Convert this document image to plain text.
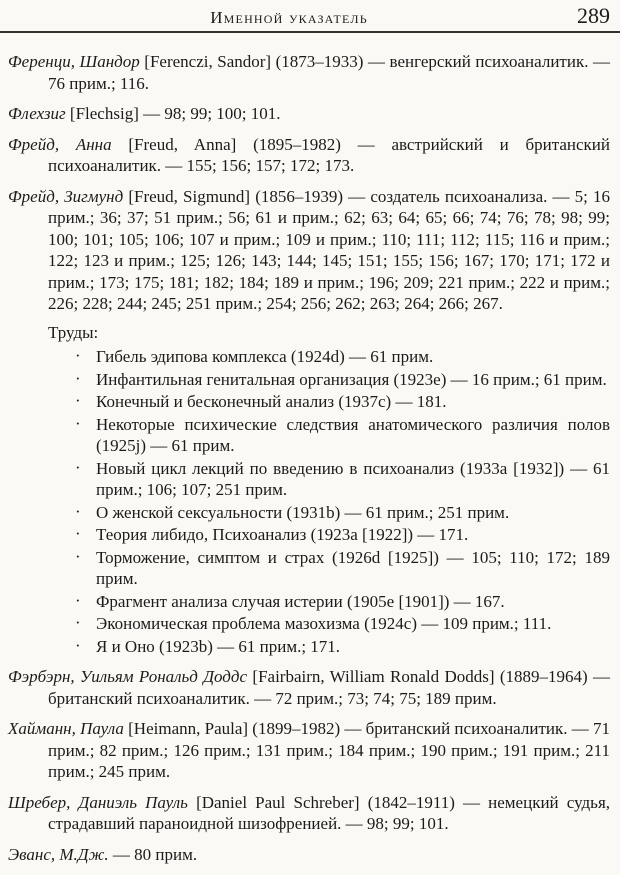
Именной указатель	289

Ференци, Шандор [Ferenczi, Sandor] (1873–1933) — венгерский психоаналитик. — 76 прим.; 116.

Флехзиг [Flechsig] — 98; 99; 100; 101.

Фрейд, Анна [Freud, Anna] (1895–1982) — австрийский и британский психоаналитик. — 155; 156; 157; 172; 173.

Фрейд, Зигмунд [Freud, Sigmund] (1856–1939) — создатель психоанализа. — 5; 16 прим.; 36; 37; 51 прим.; 56; 61 и прим.; 62; 63; 64; 65; 66; 74; 76; 78; 98; 99; 100; 101; 105; 106; 107 и прим.; 109 и прим.; 110; 111; 112; 115; 116 и прим.; 122; 123 и прим.; 125; 126; 143; 144; 145; 151; 155; 156; 167; 170; 171; 172 и прим.; 173; 175; 181; 182; 184; 189 и прим.; 196; 209; 221 прим.; 222 и прим.; 226; 228; 244; 245; 251 прим.; 254; 256; 262; 263; 264; 266; 267.

Труды:

· Гибель эдипова комплекса (1924d) — 61 прим.
· Инфантильная генитальная организация (1923e) — 16 прим.; 61 прим.
· Конечный и бесконечный анализ (1937c) — 181.
· Некоторые психические следствия анатомического различия полов (1925j) — 61 прим.
· Новый цикл лекций по введению в психоанализ (1933a [1932]) — 61 прим.; 106; 107; 251 прим.
· О женской сексуальности (1931b) — 61 прим.; 251 прим.
· Теория либидо, Психоанализ (1923a [1922]) — 171.
· Торможение, симптом и страх (1926d [1925]) — 105; 110; 172; 189 прим.
· Фрагмент анализа случая истерии (1905e [1901]) — 167.
· Экономическая проблема мазохизма (1924c) — 109 прим.; 111.
· Я и Оно (1923b) — 61 прим.; 171.

Фэрбэрн, Уильям Рональд Доддс [Fairbairn, William Ronald Dodds] (1889–1964) — британский психоаналитик. — 72 прим.; 73; 74; 75; 189 прим.

Хайманн, Паула [Heimann, Paula] (1899–1982) — британский психоаналитик. — 71 прим.; 82 прим.; 126 прим.; 131 прим.; 184 прим.; 190 прим.; 191 прим.; 211 прим.; 245 прим.

Шребер, Даниэль Пауль [Daniel Paul Schreber] (1842–1911) — немецкий судья, страдавший параноидной шизофренией. — 98; 99; 101.

Эванс, М.Дж. — 80 прим.
